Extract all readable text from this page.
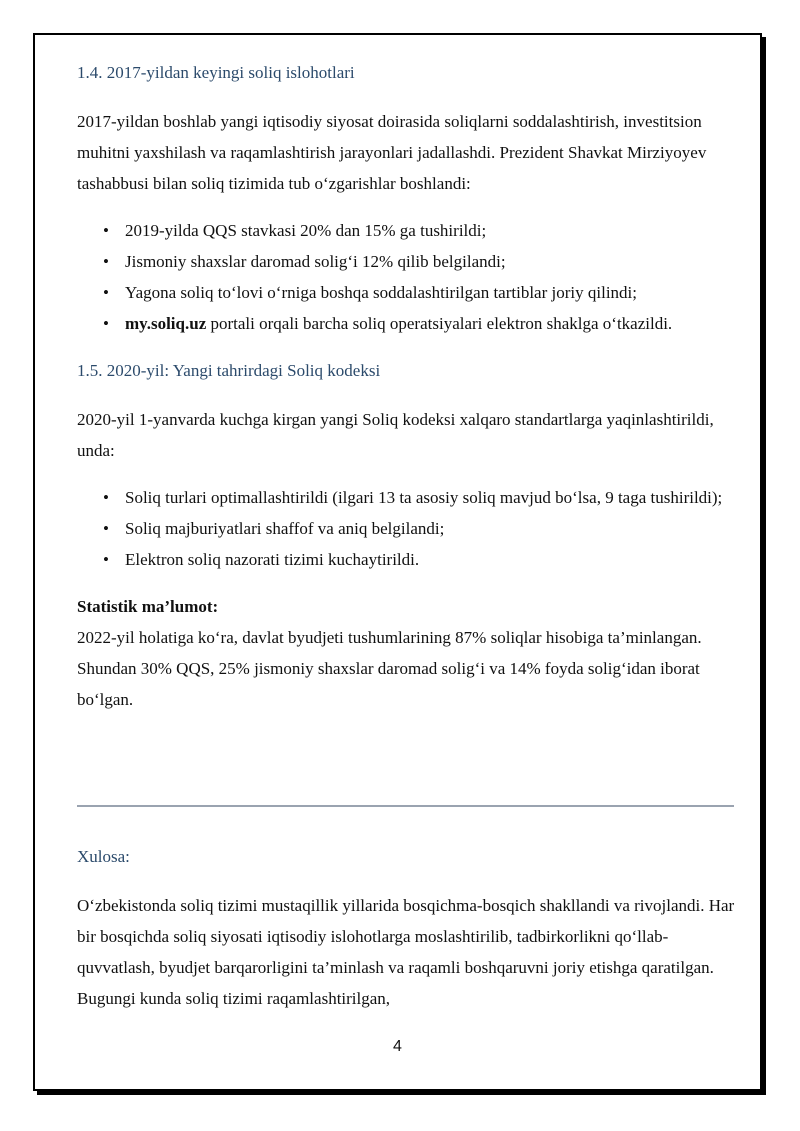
1.4. 2017-yildan keyingi soliq islohotlari

2017-yildan boshlab yangi iqtisodiy siyosat doirasida soliqlarni soddalashtirish, investitsion muhitni yaxshilash va raqamlashtirish jarayonlari jadallashdi. Prezident Shavkat Mirziyoyev tashabbusi bilan soliq tizimida tub o‘zgarishlar boshlandi:

• 2019-yilda QQS stavkasi 20% dan 15% ga tushirildi;
• Jismoniy shaxslar daromad solig‘i 12% qilib belgilandi;
• Yagona soliq to‘lovi o‘rniga boshqa soddalashtirilgan tartiblar joriy qilindi;
• my.soliq.uz portali orqali barcha soliq operatsiyalari elektron shaklga o‘tkazildi.
1.5. 2020-yil: Yangi tahrirdagi Soliq kodeksi

2020-yil 1-yanvarda kuchga kirgan yangi Soliq kodeksi xalqaro standartlarga yaqinlashtirildi, unda:

• Soliq turlari optimallashtirildi (ilgari 13 ta asosiy soliq mavjud bo‘lsa, 9 taga tushirildi);
• Soliq majburiyatlari shaffof va aniq belgilandi;
• Elektron soliq nazorati tizimi kuchaytirildi.

Statistik ma’lumot:

2022-yil holatiga ko‘ra, davlat byudjeti tushumlarining 87% soliqlar hisobiga ta’minlangan. Shundan 30% QQS, 25% jismoniy shaxslar daromad solig‘i va 14% foyda solig‘idan iborat bo‘lgan.

Xulosa:

O‘zbekistonda soliq tizimi mustaqillik yillarida bosqichma-bosqich shakllandi va rivojlandi. Har bir bosqichda soliq siyosati iqtisodiy islohotlarga moslashtirilib, tadbirkorlikni qo‘llab-quvvatlash, byudjet barqarorligini ta’minlash va raqamli boshqaruvni joriy etishga qaratilgan. Bugungi kunda soliq tizimi raqamlashtirilgan,

4
